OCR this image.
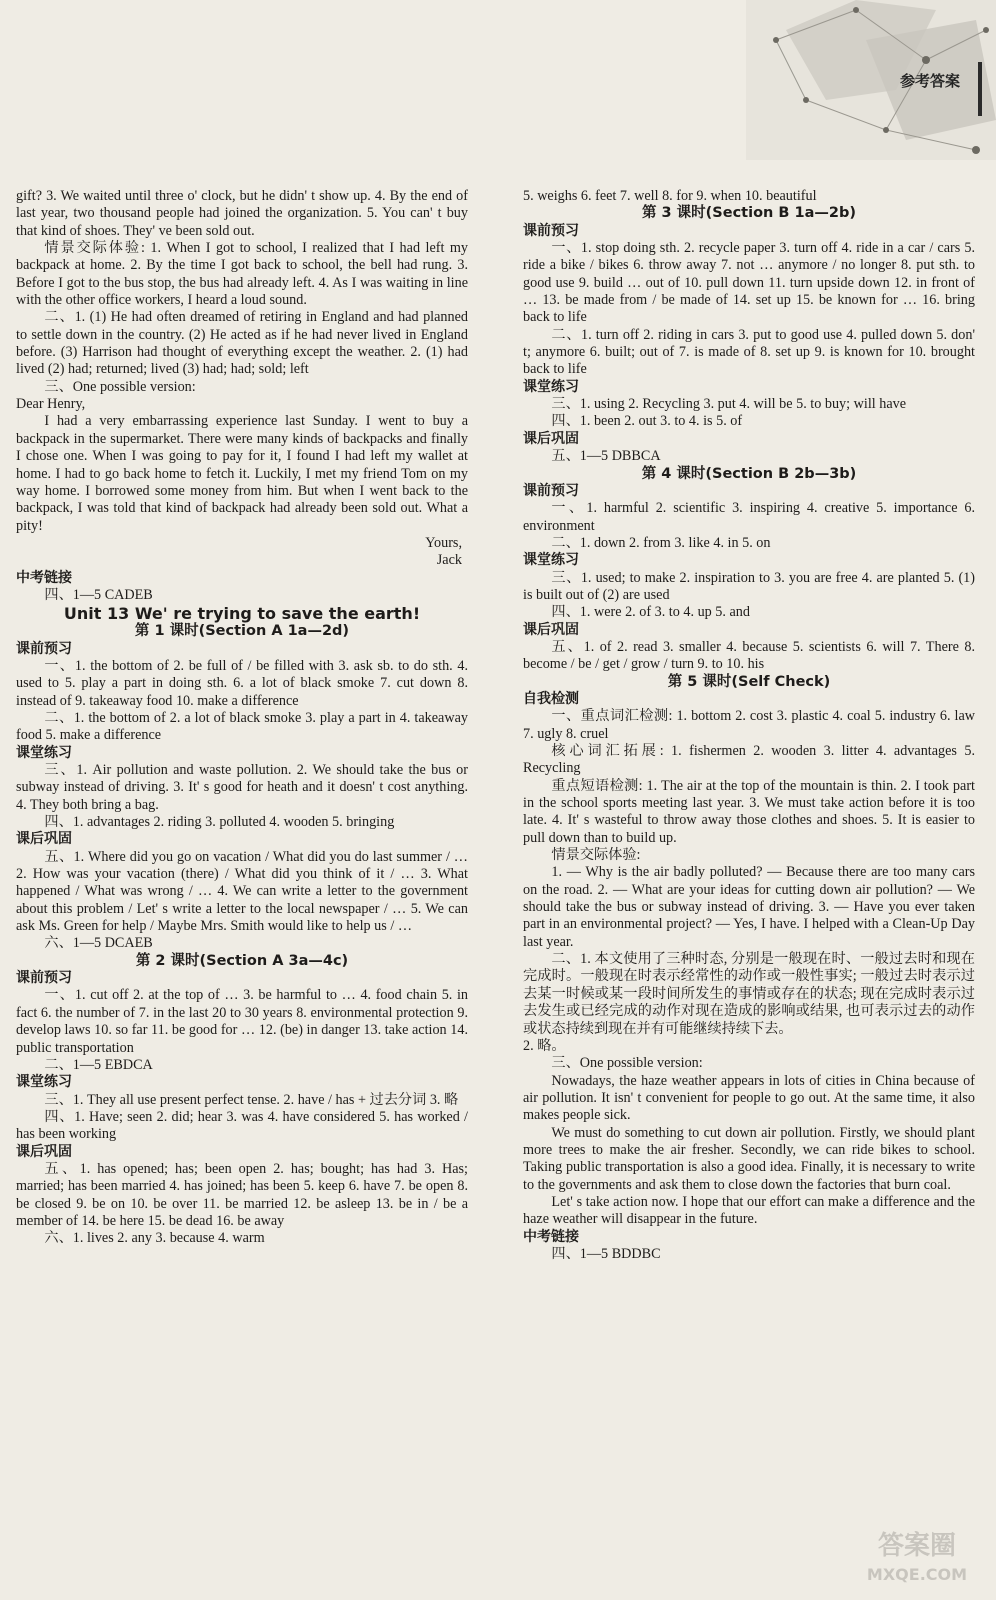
参考答案

gift? 3. We waited until three o' clock, but he didn' t show up. 4. By the end of last year, two thousand people had joined the organization. 5. You can' t buy that kind of shoes. They' ve been sold out.

情景交际体验: 1. When I got to school, I realized that I had left my backpack at home. 2. By the time I got back to school, the bell had rung. 3. Before I got to the bus stop, the bus had already left. 4. As I was waiting in line with the other office workers, I heard a loud sound.

二、1. (1) He had often dreamed of retiring in England and had planned to settle down in the country. (2) He acted as if he had never lived in England before. (3) Harrison had thought of everything except the weather. 2. (1) had lived (2) had; returned; lived (3) had; had; sold; left

三、One possible version:

Dear Henry,

I had a very embarrassing experience last Sunday. I went to buy a backpack in the supermarket. There were many kinds of backpacks and finally I chose one. When I was going to pay for it, I found I had left my wallet at home. I had to go back home to fetch it. Luckily, I met my friend Tom on my way home. I borrowed some money from him. But when I went back to the backpack, I was told that kind of backpack had already been sold out. What a pity!

Yours,

Jack

中考链接

四、1—5 CADEB

Unit 13 We' re trying to save the earth!

第 1 课时(Section A 1a—2d)

课前预习

一、1. the bottom of 2. be full of / be filled with 3. ask sb. to do sth. 4. used to 5. play a part in doing sth. 6. a lot of black smoke 7. cut down 8. instead of 9. takeaway food 10. make a difference

二、1. the bottom of 2. a lot of black smoke 3. play a part in 4. takeaway food 5. make a difference

课堂练习

三、1. Air pollution and waste pollution. 2. We should take the bus or subway instead of driving. 3. It' s good for heath and it doesn' t cost anything. 4. They both bring a bag.

四、1. advantages 2. riding 3. polluted 4. wooden 5. bringing

课后巩固

五、1. Where did you go on vacation / What did you do last summer / … 2. How was your vacation (there) / What did you think of it / … 3. What happened / What was wrong / … 4. We can write a letter to the government about this problem / Let' s write a letter to the local newspaper / … 5. We can ask Ms. Green for help / Maybe Mrs. Smith would like to help us / …

六、1—5 DCAEB

第 2 课时(Section A 3a—4c)

课前预习

一、1. cut off 2. at the top of … 3. be harmful to … 4. food chain 5. in fact 6. the number of 7. in the last 20 to 30 years 8. environmental protection 9. develop laws 10. so far 11. be good for … 12. (be) in danger 13. take action 14. public transportation

二、1—5 EBDCA

课堂练习

三、1. They all use present perfect tense. 2. have / has + 过去分词 3. 略

四、1. Have; seen 2. did; hear 3. was 4. have considered 5. has worked / has been working

课后巩固

五、1. has opened; has; been open 2. has; bought; has had 3. Has; married; has been married 4. has joined; has been 5. keep 6. have 7. be open 8. be closed 9. be on 10. be over 11. be married 12. be asleep 13. be in / be a member of 14. be here 15. be dead 16. be away

六、1. lives 2. any 3. because 4. warm

5. weighs 6. feet 7. well 8. for 9. when 10. beautiful

第 3 课时(Section B 1a—2b)

课前预习

一、1. stop doing sth. 2. recycle paper 3. turn off 4. ride in a car / cars 5. ride a bike / bikes 6. throw away 7. not … anymore / no longer 8. put sth. to good use 9. build … out of 10. pull down 11. turn upside down 12. in front of … 13. be made from / be made of 14. set up 15. be known for … 16. bring back to life

二、1. turn off 2. riding in cars 3. put to good use 4. pulled down 5. don' t; anymore 6. built; out of 7. is made of 8. set up 9. is known for 10. brought back to life

课堂练习

三、1. using 2. Recycling 3. put 4. will be 5. to buy; will have

四、1. been 2. out 3. to 4. is 5. of

课后巩固

五、1—5 DBBCA

第 4 课时(Section B 2b—3b)

课前预习

一、1. harmful 2. scientific 3. inspiring 4. creative 5. importance 6. environment

二、1. down 2. from 3. like 4. in 5. on

课堂练习

三、1. used; to make 2. inspiration to 3. you are free 4. are planted 5. (1) is built out of (2) are used

四、1. were 2. of 3. to 4. up 5. and

课后巩固

五、1. of 2. read 3. smaller 4. because 5. scientists 6. will 7. There 8. become / be / get / grow / turn 9. to 10. his

第 5 课时(Self Check)

自我检测

一、重点词汇检测: 1. bottom 2. cost 3. plastic 4. coal 5. industry 6. law 7. ugly 8. cruel

核心词汇拓展: 1. fishermen 2. wooden 3. litter 4. advantages 5. Recycling

重点短语检测: 1. The air at the top of the mountain is thin. 2. I took part in the school sports meeting last year. 3. We must take action before it is too late. 4. It' s wasteful to throw away those clothes and shoes. 5. It is easier to pull down than to build up.

情景交际体验:

1. — Why is the air badly polluted? — Because there are too many cars on the road. 2. — What are your ideas for cutting down air pollution? — We should take the bus or subway instead of driving. 3. — Have you ever taken part in an environmental project? — Yes, I have. I helped with a Clean-Up Day last year.

二、1. 本文使用了三种时态, 分别是一般现在时、一般过去时和现在完成时。一般现在时表示经常性的动作或一般性事实; 一般过去时表示过去某一时候或某一段时间所发生的事情或存在的状态; 现在完成时表示过去发生或已经完成的动作对现在造成的影响或结果, 也可表示过去的动作或状态持续到现在并有可能继续持续下去。

2. 略。

三、One possible version:

Nowadays, the haze weather appears in lots of cities in China because of air pollution. It isn' t convenient for people to go out. At the same time, it also makes people sick.

We must do something to cut down air pollution. Firstly, we should plant more trees to make the air fresher. Secondly, we can ride bikes to school. Taking public transportation is also a good idea. Finally, it is necessary to write to the governments and ask them to close down the factories that burn coal.

Let' s take action now. I hope that our effort can make a difference and the haze weather will disappear in the future.

中考链接

四、1—5 BDDBC

答案圈
MXQE.COM
